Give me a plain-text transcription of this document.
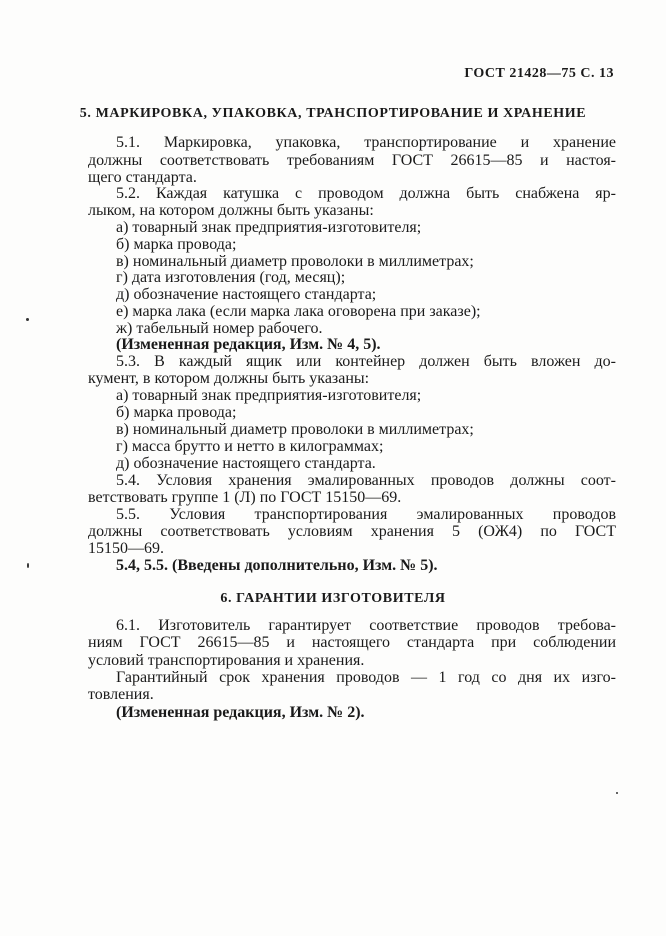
ГОСТ 21428—75 С. 13
5. МАРКИРОВКА, УПАКОВКА, ТРАНСПОРТИРОВАНИЕ И ХРАНЕНИЕ
5.1. Маркировка, упаковка, транспортирование и хранение
должны соответствовать требованиям ГОСТ 26615—85 и настоя-
щего стандарта.
5.2. Каждая катушка с проводом должна быть снабжена яр-
лыком, на котором должны быть указаны:
а) товарный знак предприятия-изготовителя;
б) марка провода;
в) номинальный диаметр проволоки в миллиметрах;
г) дата изготовления (год, месяц);
д) обозначение настоящего стандарта;
е) марка лака (если марка лака оговорена при заказе);
ж) табельный номер рабочего.
(Измененная редакция, Изм. № 4, 5).
5.3. В каждый ящик или контейнер должен быть вложен до-
кумент, в котором должны быть указаны:
а) товарный знак предприятия-изготовителя;
б) марка провода;
в) номинальный диаметр проволоки в миллиметрах;
г) масса брутто и нетто в килограммах;
д) обозначение настоящего стандарта.
5.4. Условия хранения эмалированных проводов должны соот-
ветствовать группе 1 (Л) по ГОСТ 15150—69.
5.5. Условия транспортирования эмалированных проводов
должны соответствовать условиям хранения 5 (ОЖ4) по ГОСТ
15150—69.
5.4, 5.5. (Введены дополнительно, Изм. № 5).
6. ГАРАНТИИ ИЗГОТОВИТЕЛЯ
6.1. Изготовитель гарантирует соответствие проводов требова-
ниям ГОСТ 26615—85 и настоящего стандарта при соблюдении
условий транспортирования и хранения.
Гарантийный срок хранения проводов — 1 год со дня их изго-
товления.
(Измененная редакция, Изм. № 2).
